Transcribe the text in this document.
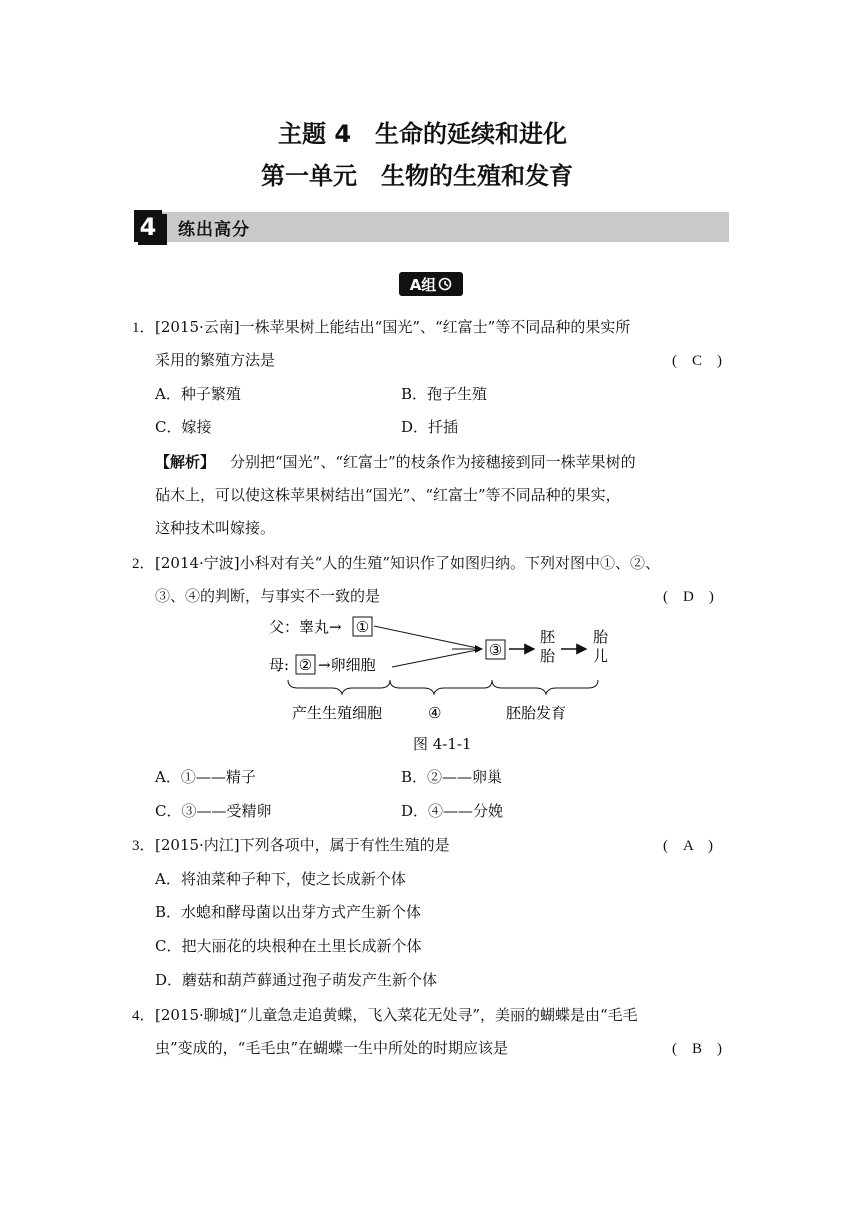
主题 4　生命的延续和进化
第一单元　生物的生殖和发育
4 练出高分
A组
1． [2015·云南]一株苹果树上能结出“国光”、“红富士”等不同品种的果实所
采用的繁殖方法是	(　C　)
A．种子繁殖	B．孢子生殖
C．嫁接	D．扦插
【解析】 分别把“国光”、“红富士”的枝条作为接穗接到同一株苹果树的
砧木上，可以使这株苹果树结出“国光”、“红富士”等不同品种的果实，
这种技术叫嫁接。
2． [2014·宁波]小科对有关“人的生殖”知识作了如图归纳。下列对图中①、②、
③、④的判断，与事实不一致的是	(　D　)
父：睾丸→ ①
母: ② →卵细胞
③
胚
胎
胎
儿
产生生殖细胞	④	胚胎发育
图 4-1-1
A．①——精子	B．②——卵巢
C．③——受精卵	D．④——分娩
3． [2015·内江]下列各项中，属于有性生殖的是	(　A　)
A．将油菜种子种下，使之长成新个体
B．水螅和酵母菌以出芽方式产生新个体
C．把大丽花的块根种在土里长成新个体
D．蘑菇和葫芦藓通过孢子萌发产生新个体
4． [2015·聊城]“儿童急走追黄蝶，飞入菜花无处寻”，美丽的蝴蝶是由“毛毛
虫”变成的，“毛毛虫”在蝴蝶一生中所处的时期应该是	(　B　)
